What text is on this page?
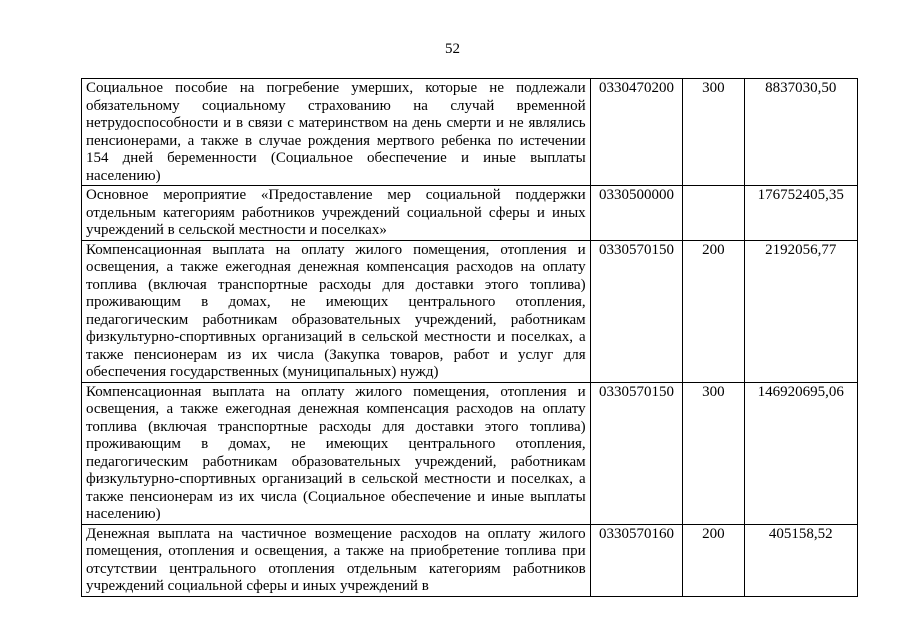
52
Социальное пособие на погребение умерших, которые не подлежали обязательному социальному страхованию на случай временной нетрудоспособности и в связи с материнством на день смерти и не являлись пенсионерами, а также в случае рождения мертвого ребенка по истечении 154 дней беременности (Социальное обеспечение и иные выплаты населению)	0330470200	300	8837030,50
Основное мероприятие «Предоставление мер социальной поддержки отдельным категориям работников учреждений социальной сферы и иных учреждений в сельской местности и поселках»	0330500000		176752405,35
Компенсационная выплата на оплату жилого помещения, отопления и освещения, а также ежегодная денежная компенсация расходов на оплату топлива (включая транспортные расходы для доставки этого топлива) проживающим в домах, не имеющих центрального отопления, педагогическим работникам образовательных учреждений, работникам физкультурно-спортивных организаций в сельской местности и поселках, а также пенсионерам из их числа (Закупка товаров, работ и услуг для обеспечения государственных (муниципальных) нужд)	0330570150	200	2192056,77
Компенсационная выплата на оплату жилого помещения, отопления и освещения, а также ежегодная денежная компенсация расходов на оплату топлива (включая транспортные расходы для доставки этого топлива) проживающим в домах, не имеющих центрального отопления, педагогическим работникам образовательных учреждений, работникам физкультурно-спортивных организаций в сельской местности и поселках, а также пенсионерам из их числа (Социальное обеспечение и иные выплаты населению)	0330570150	300	146920695,06
Денежная выплата на частичное возмещение расходов на оплату жилого помещения, отопления и освещения, а также на приобретение топлива при отсутствии центрального отопления отдельным категориям работников учреждений социальной сферы и иных учреждений в	0330570160	200	405158,52
